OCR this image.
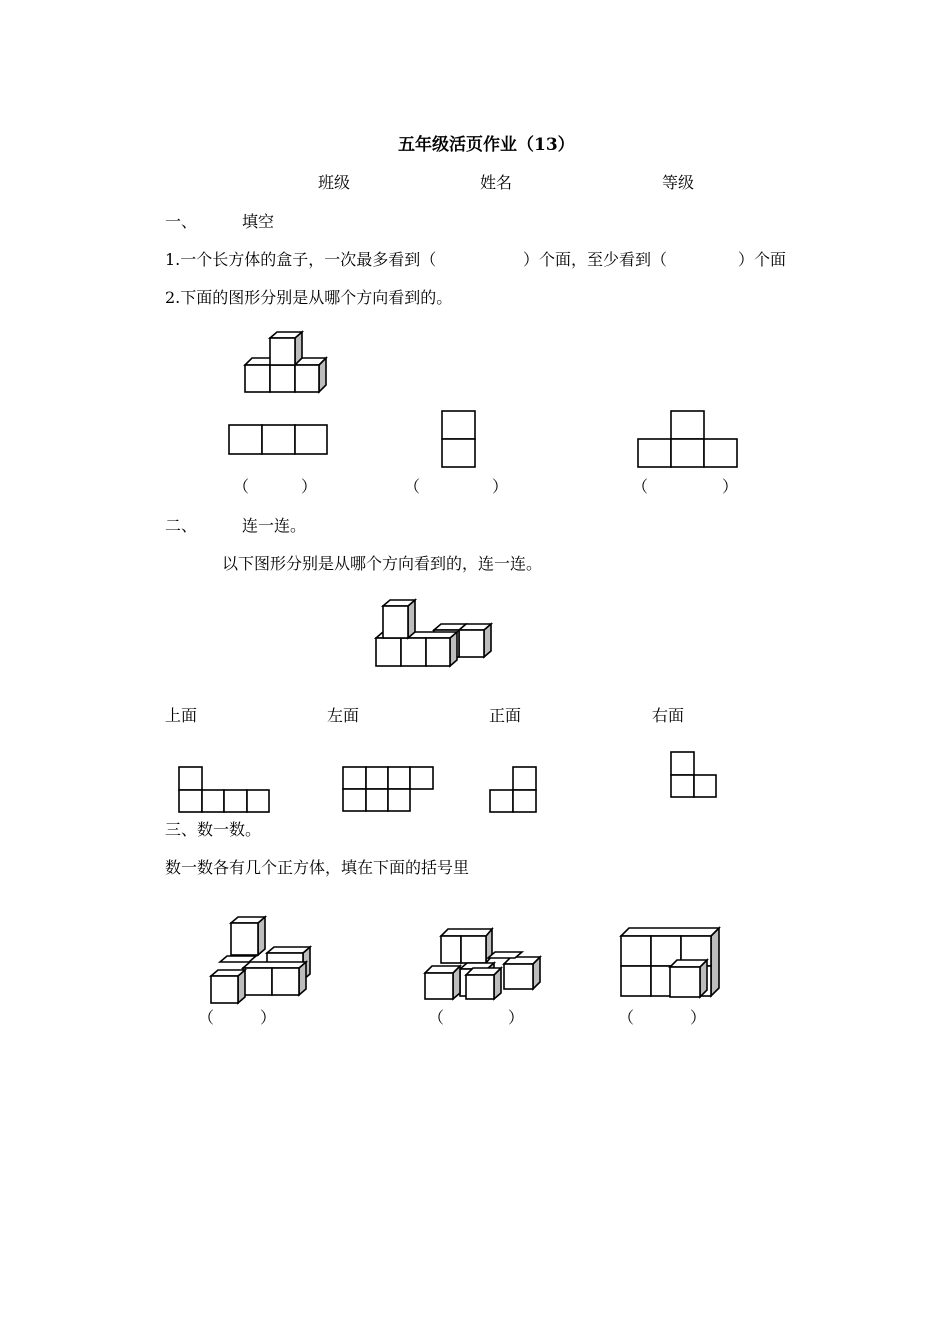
五年级活页作业（13）
班级	姓名	等级
一、	填空
1.一个长方体的盒子，一次最多看到（	）个面，至少看到（	）个面
2.下面的图形分别是从哪个方向看到的。
（	）	（	）	（	）
二、	连一连。
以下图形分别是从哪个方向看到的，连一连。
上面	左面	正面	右面
三、数一数。
数一数各有几个正方体，填在下面的括号里
（	）	（	）	（	）
